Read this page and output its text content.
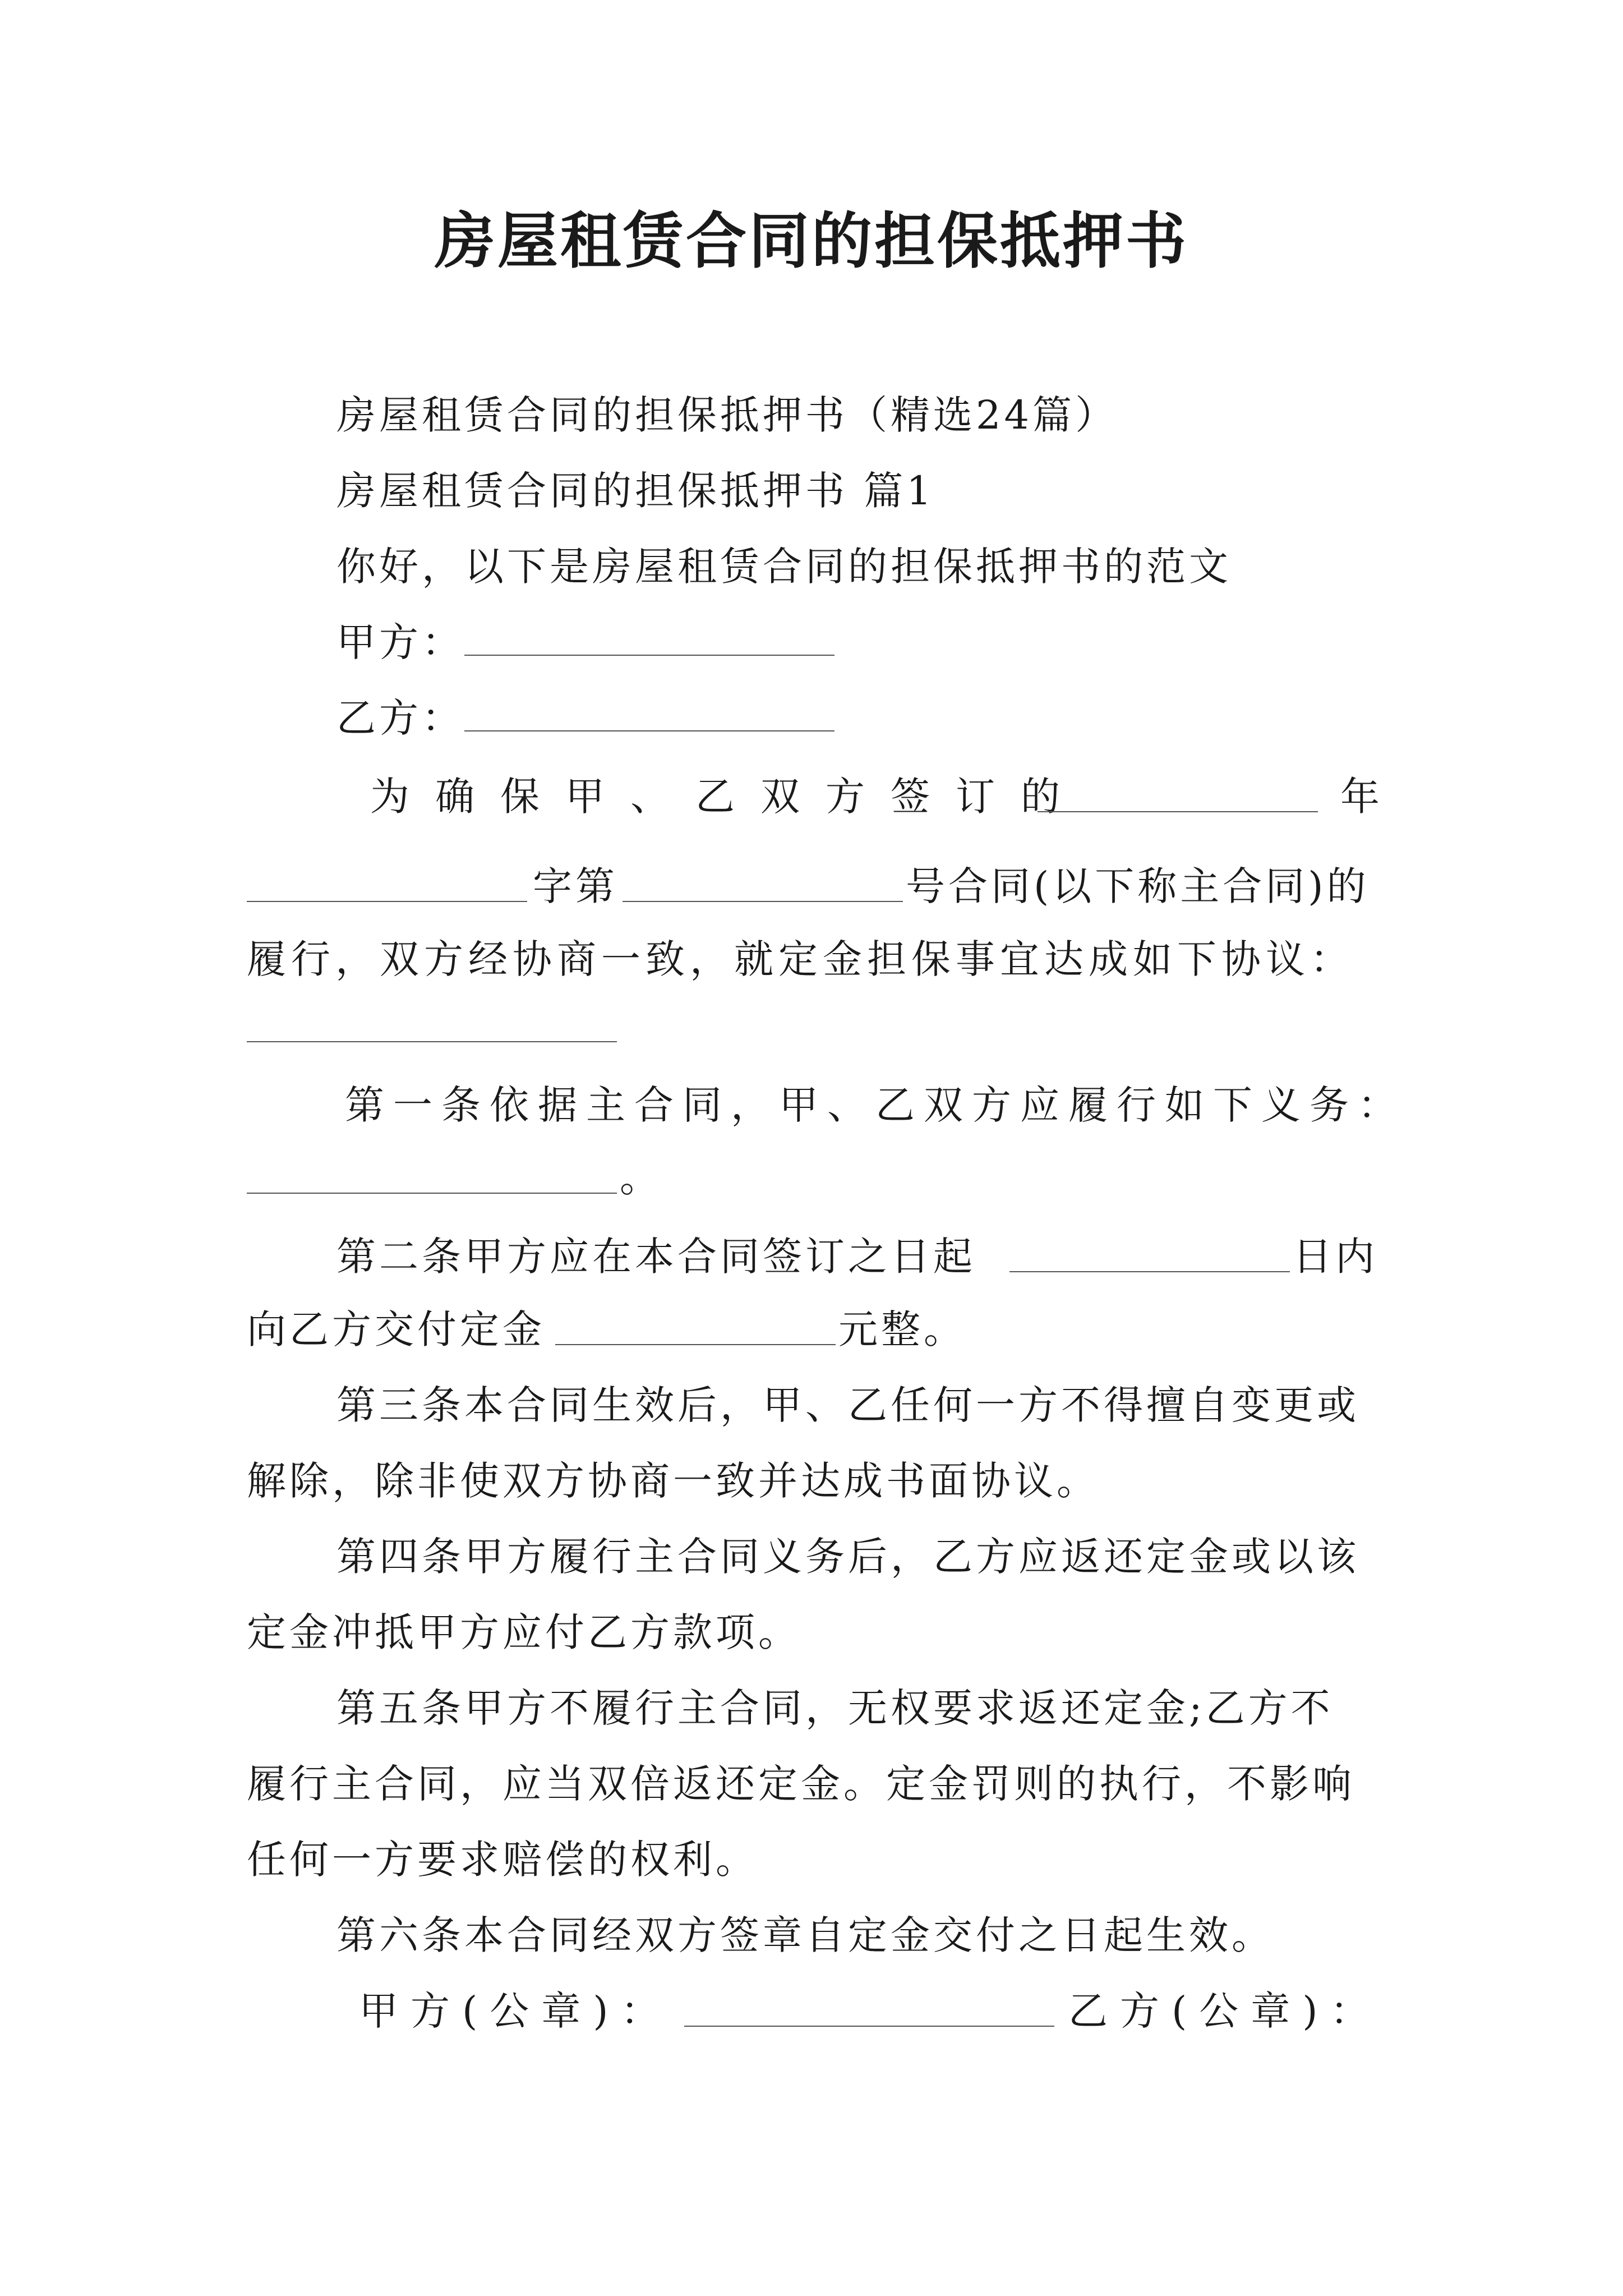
房屋租赁合同的担保抵押书
房屋租赁合同的担保抵押书（精选24篇）
房屋租赁合同的担保抵押书 篇1
你好，以下是房屋租赁合同的担保抵押书的范文
甲方：
乙方：
为确保甲、乙双方签订的	年
字第	号合同(以下称主合同)的
履行，双方经协商一致，就定金担保事宜达成如下协议：
第一条依据主合同，甲、乙双方应履行如下义务：
。
第二条甲方应在本合同签订之日起	日内
向乙方交付定金	元整。
第三条本合同生效后，甲、乙任何一方不得擅自变更或
解除，除非使双方协商一致并达成书面协议。
第四条甲方履行主合同义务后，乙方应返还定金或以该
定金冲抵甲方应付乙方款项。
第五条甲方不履行主合同，无权要求返还定金;乙方不
履行主合同，应当双倍返还定金。定金罚则的执行，不影响
任何一方要求赔偿的权利。
第六条本合同经双方签章自定金交付之日起生效。
甲方(公章)：	乙方(公章)：
